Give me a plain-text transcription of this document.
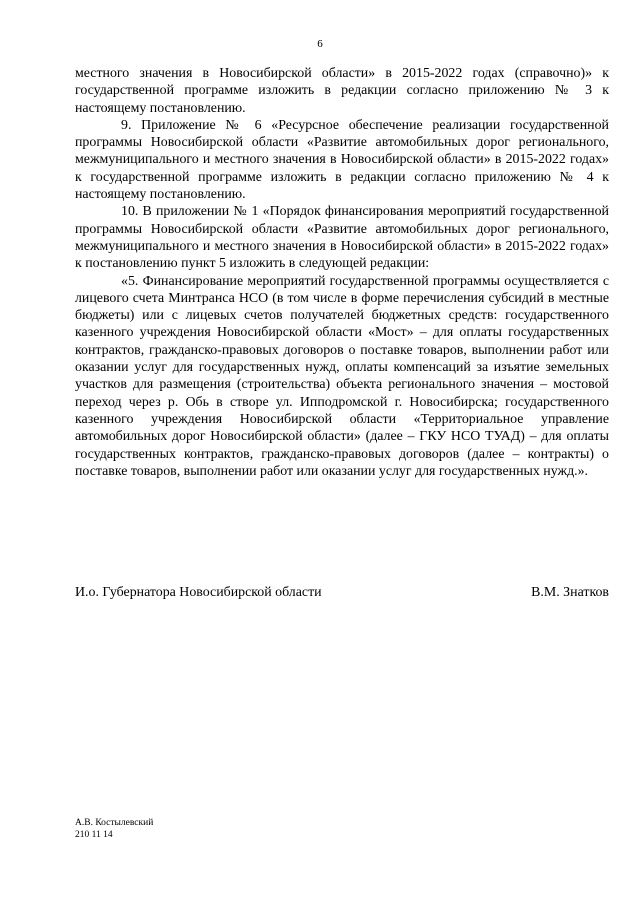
6

местного значения в Новосибирской области» в 2015-2022 годах (справочно)» к государственной программе изложить в редакции согласно приложению № 3 к настоящему постановлению.

9. Приложение № 6 «Ресурсное обеспечение реализации государственной программы Новосибирской области «Развитие автомобильных дорог регионального, межмуниципального и местного значения в Новосибирской области» в 2015-2022 годах» к государственной программе изложить в редакции согласно приложению № 4 к настоящему постановлению.

10. В приложении № 1 «Порядок финансирования мероприятий государственной программы Новосибирской области «Развитие автомобильных дорог регионального, межмуниципального и местного значения в Новосибирской области» в 2015-2022 годах» к постановлению пункт 5 изложить в следующей редакции:

«5. Финансирование мероприятий государственной программы осуществляется с лицевого счета Минтранса НСО (в том числе в форме перечисления субсидий в местные бюджеты) или с лицевых счетов получателей бюджетных средств: государственного казенного учреждения Новосибирской области «Мост» – для оплаты государственных контрактов, гражданско-правовых договоров о поставке товаров, выполнении работ или оказании услуг для государственных нужд, оплаты компенсаций за изъятие земельных участков для размещения (строительства) объекта регионального значения – мостовой переход через р. Обь в створе ул. Ипподромской г. Новосибирска; государственного казенного учреждения Новосибирской области «Территориальное управление автомобильных дорог Новосибирской области» (далее – ГКУ НСО ТУАД) – для оплаты государственных контрактов, гражданско-правовых договоров (далее – контракты) о поставке товаров, выполнении работ или оказании услуг для государственных нужд.».

И.о. Губернатора Новосибирской области	В.М. Знатков
А.В. Костылевский
210 11 14
